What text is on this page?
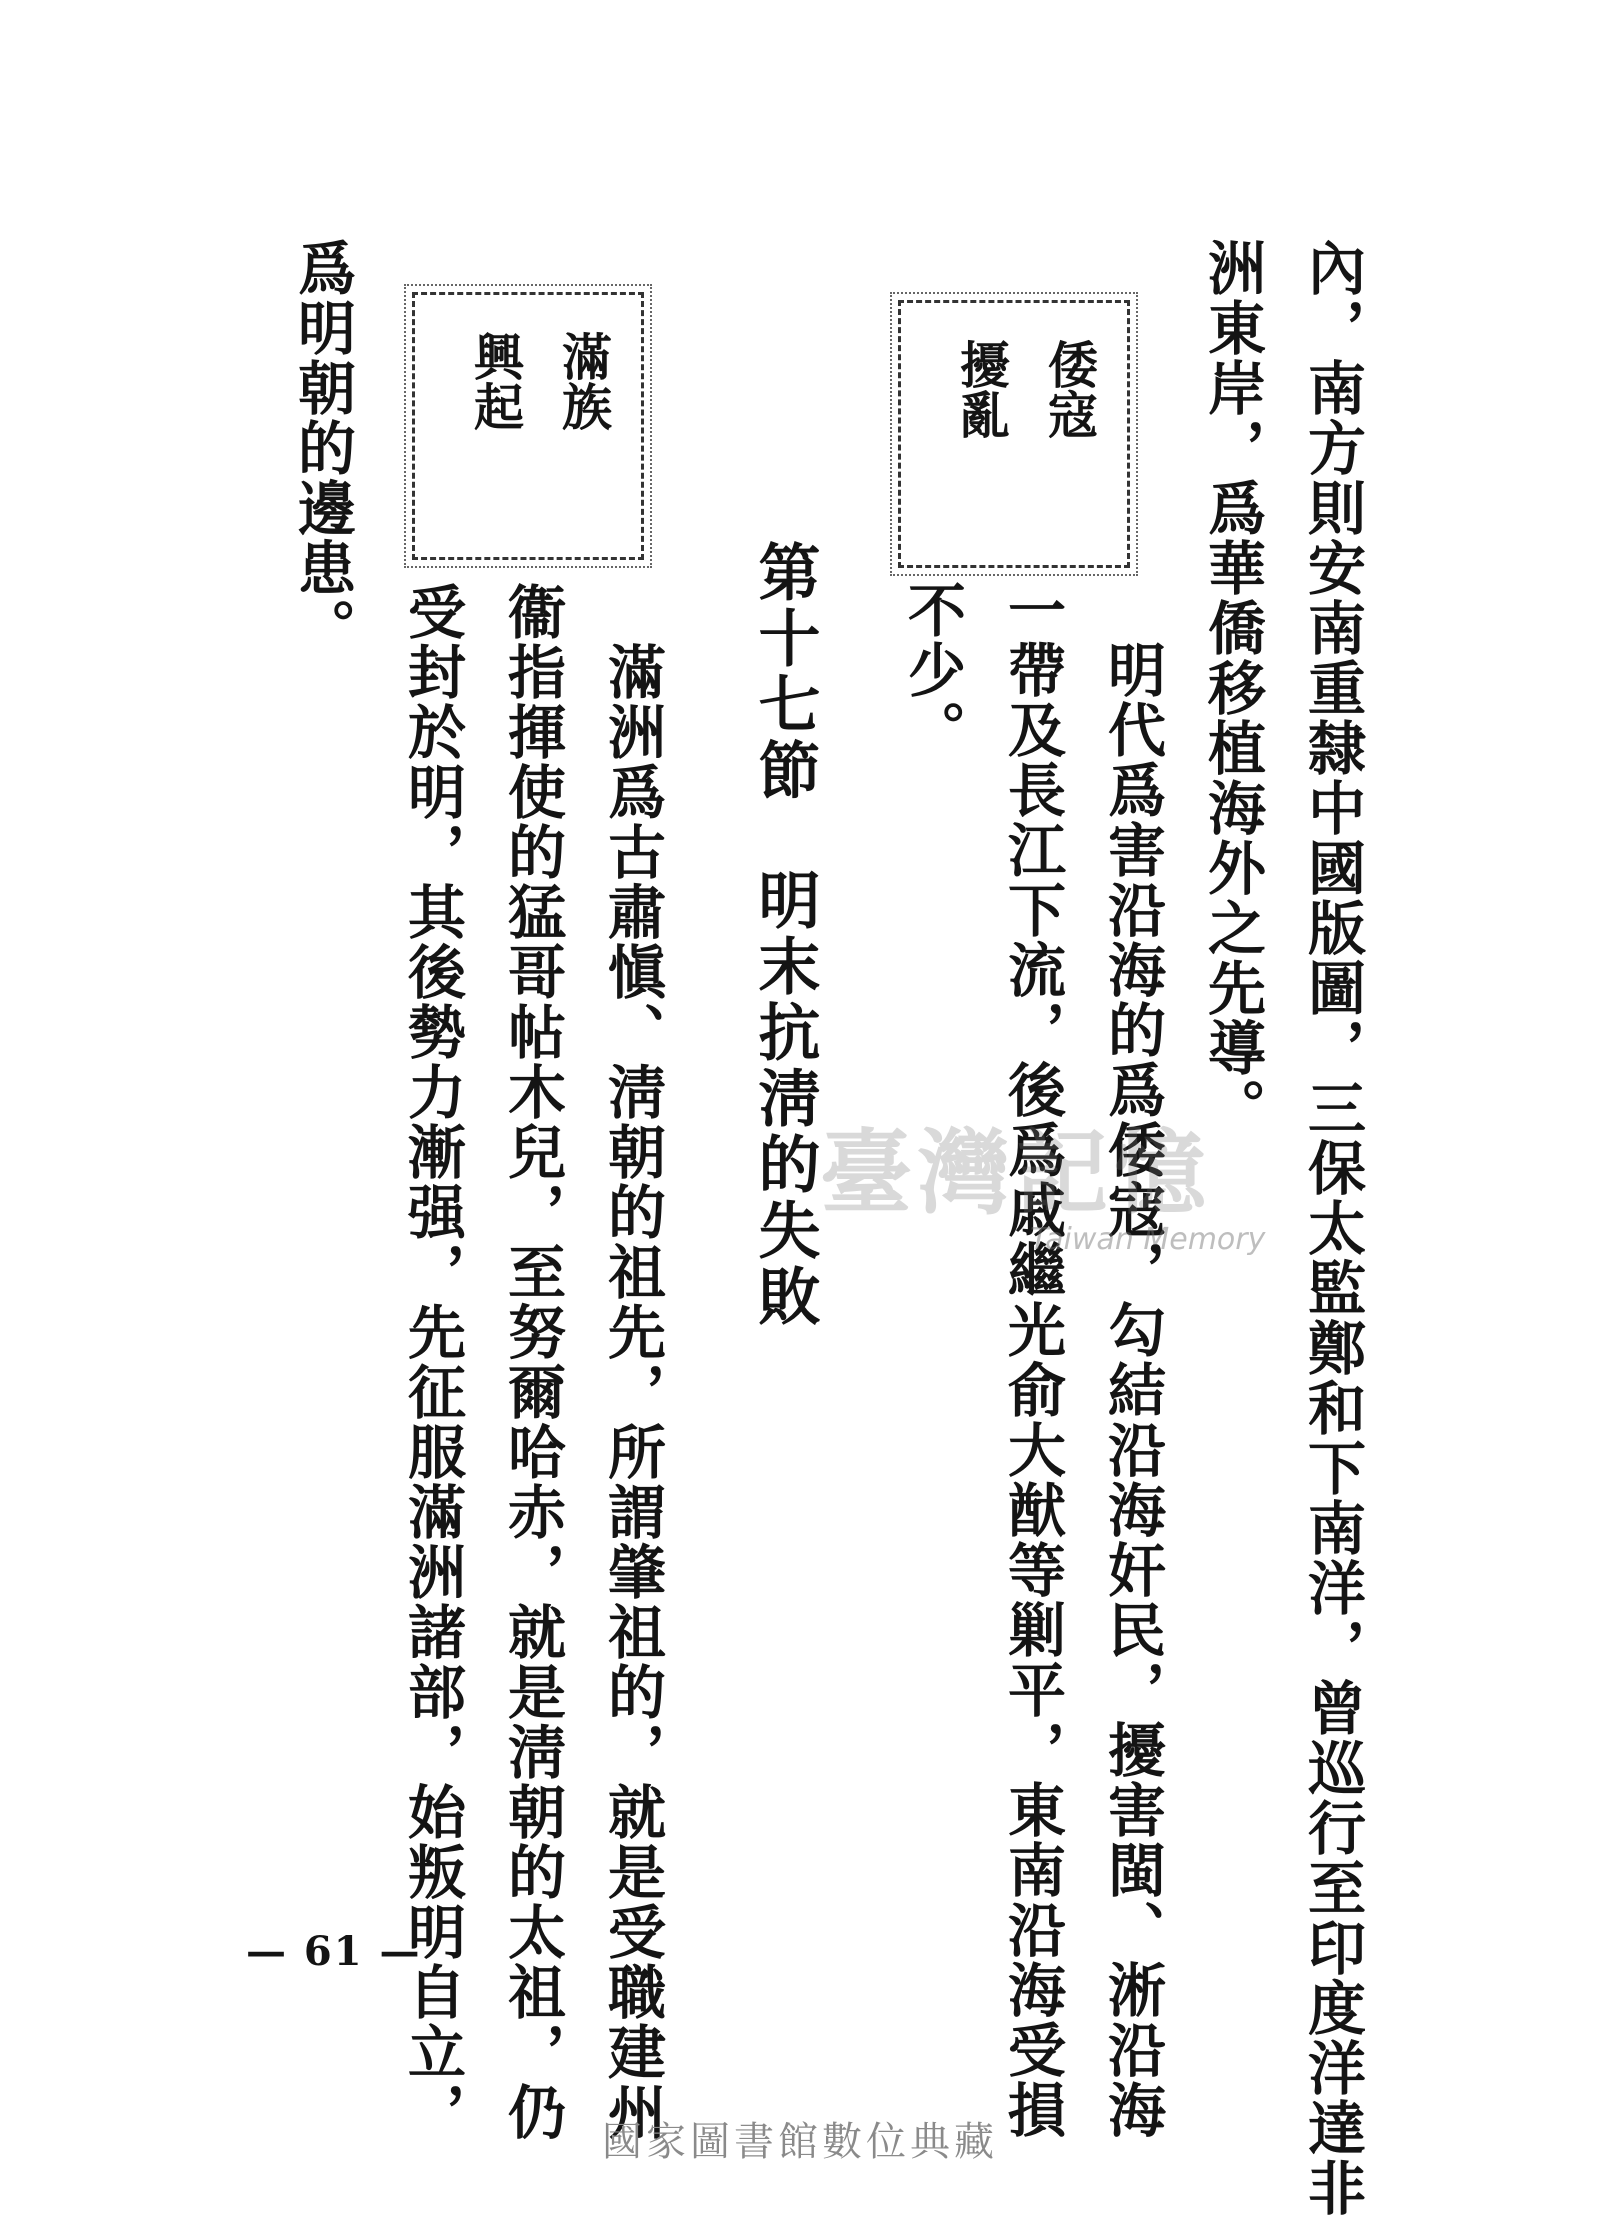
內，南方則安南重隸中國版圖，三保太監鄭和下南洋，曾巡行至印度洋達非
洲東岸，爲華僑移植海外之先導。
倭寇
擾亂
明代爲害沿海的爲倭寇，勾結沿海奸民，擾害閩、淅沿海
一帶及長江下流，後爲戚繼光俞大猷等剿平，東南沿海受損
不少。
第十七節明末抗淸的失敗
滿族
興起
滿洲爲古肅愼、淸朝的祖先，所謂肇祖的，就是受職建州
衞指揮使的猛哥帖木兒，至努爾哈赤，就是淸朝的太祖，仍
受封於明，其後勢力漸强，先征服滿洲諸部，始叛明自立，
爲明朝的邊患。
— 61 —
臺灣記憶
Taiwan Memory
國家圖書館數位典藏
